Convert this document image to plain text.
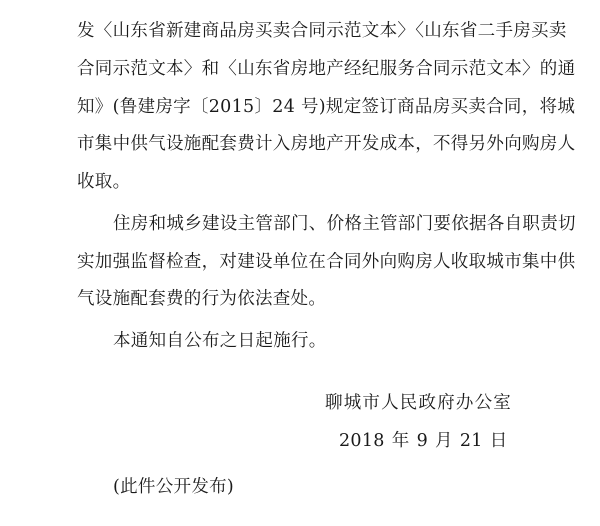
发〈山东省新建商品房买卖合同示范文本〉〈山东省二手房买卖
合同示范文本〉和〈山东省房地产经纪服务合同示范文本〉的通
知》(鲁建房字〔2015〕24 号)规定签订商品房买卖合同，将城
市集中供气设施配套费计入房地产开发成本，不得另外向购房人
收取。
住房和城乡建设主管部门、价格主管部门要依据各自职责切
实加强监督检查，对建设单位在合同外向购房人收取城市集中供
气设施配套费的行为依法查处。
本通知自公布之日起施行。
聊城市人民政府办公室
2018 年 9 月 21 日
(此件公开发布)
